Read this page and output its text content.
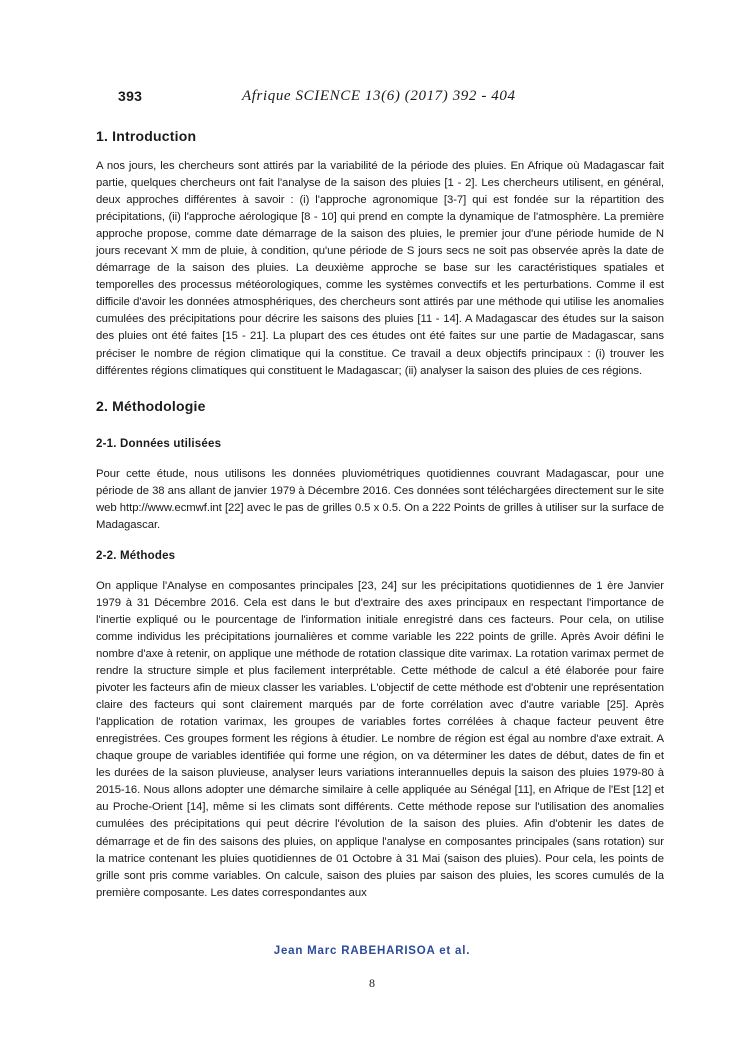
393	Afrique SCIENCE 13(6) (2017) 392 - 404
1. Introduction

A nos jours, les chercheurs sont attirés par la variabilité de la période des pluies. En Afrique où Madagascar fait partie, quelques chercheurs ont fait l'analyse de la saison des pluies [1 - 2]. Les chercheurs utilisent, en général, deux approches différentes à savoir : (i) l'approche agronomique [3-7] qui est fondée sur la répartition des précipitations, (ii) l'approche aérologique [8 - 10] qui prend en compte la dynamique de l'atmosphère. La première approche propose, comme date démarrage de la saison des pluies, le premier jour d'une période humide de N jours recevant X mm de pluie, à condition, qu'une période de S jours secs ne soit pas observée après la date de démarrage de la saison des pluies. La deuxième approche se base sur les caractéristiques spatiales et temporelles des processus météorologiques, comme les systèmes convectifs et les perturbations. Comme il est difficile d'avoir les données atmosphériques, des chercheurs sont attirés par une méthode qui utilise les anomalies cumulées des précipitations pour décrire les saisons des pluies [11 - 14]. A Madagascar des études sur la saison des pluies ont été faites [15 - 21]. La plupart des ces études ont été faites sur une partie de Madagascar, sans préciser le nombre de région climatique qui la constitue. Ce travail a deux objectifs principaux : (i) trouver les différentes régions climatiques qui constituent le Madagascar; (ii) analyser la saison des pluies de ces régions.

2. Méthodologie
2-1. Données utilisées

Pour cette étude, nous utilisons les données pluviométriques quotidiennes couvrant Madagascar, pour une période de 38 ans allant de janvier 1979 à Décembre 2016. Ces données sont téléchargées directement sur le site web http://www.ecmwf.int [22] avec le pas de grilles 0.5 x 0.5. On a 222 Points de grilles à utiliser sur la surface de Madagascar.

2-2. Méthodes

On applique l'Analyse en composantes principales [23, 24] sur les précipitations quotidiennes de 1 ère Janvier 1979 à 31 Décembre 2016. Cela est dans le but d'extraire des axes principaux en respectant l'importance de l'inertie expliqué ou le pourcentage de l'information initiale enregistré dans ces facteurs. Pour cela, on utilise comme individus les précipitations journalières et comme variable les 222 points de grille. Après Avoir défini le nombre d'axe à retenir, on applique une méthode de rotation classique dite varimax. La rotation varimax permet de rendre la structure simple et plus facilement interprétable. Cette méthode de calcul a été élaborée pour faire pivoter les facteurs afin de mieux classer les variables. L'objectif de cette méthode est d'obtenir une représentation claire des facteurs qui sont clairement marqués par de forte corrélation avec d'autre variable [25]. Après l'application de rotation varimax, les groupes de variables fortes corrélées à chaque facteur peuvent être enregistrées. Ces groupes forment les régions à étudier. Le nombre de région est égal au nombre d'axe extrait. A chaque groupe de variables identifiée qui forme une région, on va déterminer les dates de début, dates de fin et les durées de la saison pluvieuse, analyser leurs variations interannuelles depuis la saison des pluies 1979-80 à 2015-16. Nous allons adopter une démarche similaire à celle appliquée au Sénégal [11], en Afrique de l'Est [12] et au Proche-Orient [14], même si les climats sont différents. Cette méthode repose sur l'utilisation des anomalies cumulées des précipitations qui peut décrire l'évolution de la saison des pluies. Afin d'obtenir les dates de démarrage et de fin des saisons des pluies, on applique l'analyse en composantes principales (sans rotation) sur la matrice contenant les pluies quotidiennes de 01 Octobre à 31 Mai (saison des pluies). Pour cela, les points de grille sont pris comme variables. On calcule, saison des pluies par saison des pluies, les scores cumulés de la première composante. Les dates correspondantes aux

Jean Marc RABEHARISOA et al.
8
